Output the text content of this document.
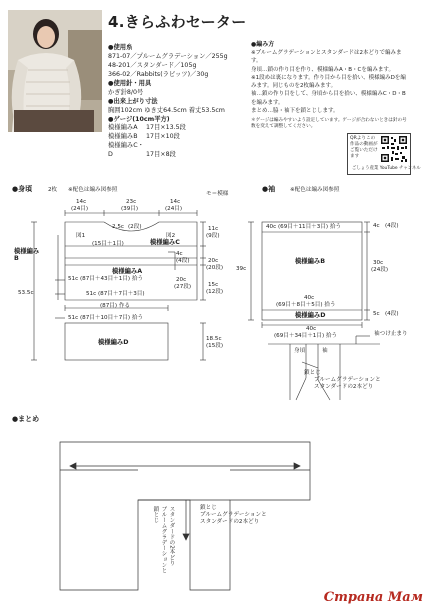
4.きらふわセーター
●使用糸
871-07／プルームグラデーション／255g
48-201／スタンダード／105g
366-02／Rabbits(ラビッツ)／30g
●使用針・用具
かぎ針8/0号
●出来上がり寸法
胸囲102cm ゆき丈64.5cm 着丈53.5cm
●ゲージ(10cm平方)
模様編みA 17目×13.5段
模様編みB 17目×10段
模様編みC・D	17目×8段
●編み方
※プルームグラデーションとスタンダードは2本どりで編みます。
身頃…鎖の作り目を作り、模様編みA・B・Cを編みます。
※1段めは裏になります。作り目から目を拾い、模様編みDを編みます。同じものを2枚編みます。
袖…鎖の作り目をして、身頃から目を拾い、模様編みC・D・Bを編みます。
まとめ…脇・袖下を鎖とじします。
＊ゲージは編みやすいよう設定しています。ゲージが合わないときは針の号数を変えて調整してください。
QRよりこの作品の動画がご覧いただけます
ごしょう産業 YouTube チャンネル
●身頃	2枚 ※配色は編み図参照
モ＝模様
14c
(24目)
23c
(39目)
14c
(24目)
2.5c (2段)
図1	図2
模様編みC
(15目＋1目)
模様編みA
模様編みB
模様編みD
11c
(9段)
4c
(4段)	20c
(20段)
20c
(27段)	15c
(12段)
18.5c
(15段)
53.5c
51c (87目＋43目＋1目) 拾う
51c (87目＋7目＋3目)
(87目) 作る
51c (87目＋10目＋7目) 拾う
●袖	※配色は編み図参照
40c (69目＋11目＋3目) 拾う
模様編みB
40c
(69目＋8目＋5目) 拾う
模様編みD
39c
4c (4段)
30c
(24段)
5c (4段)
40c
(69目＋34目＋1目) 拾う
身頃	袖
袖つけ止まり
鎖とじ
プルームグラデーションと
スタンダードの2本どり
●まとめ
鎖とじ プルームグラデーションと スタンダードの2本どり	鎖とじ
プルームグラデーションと
スタンダードの2本どり
Страна Мам
